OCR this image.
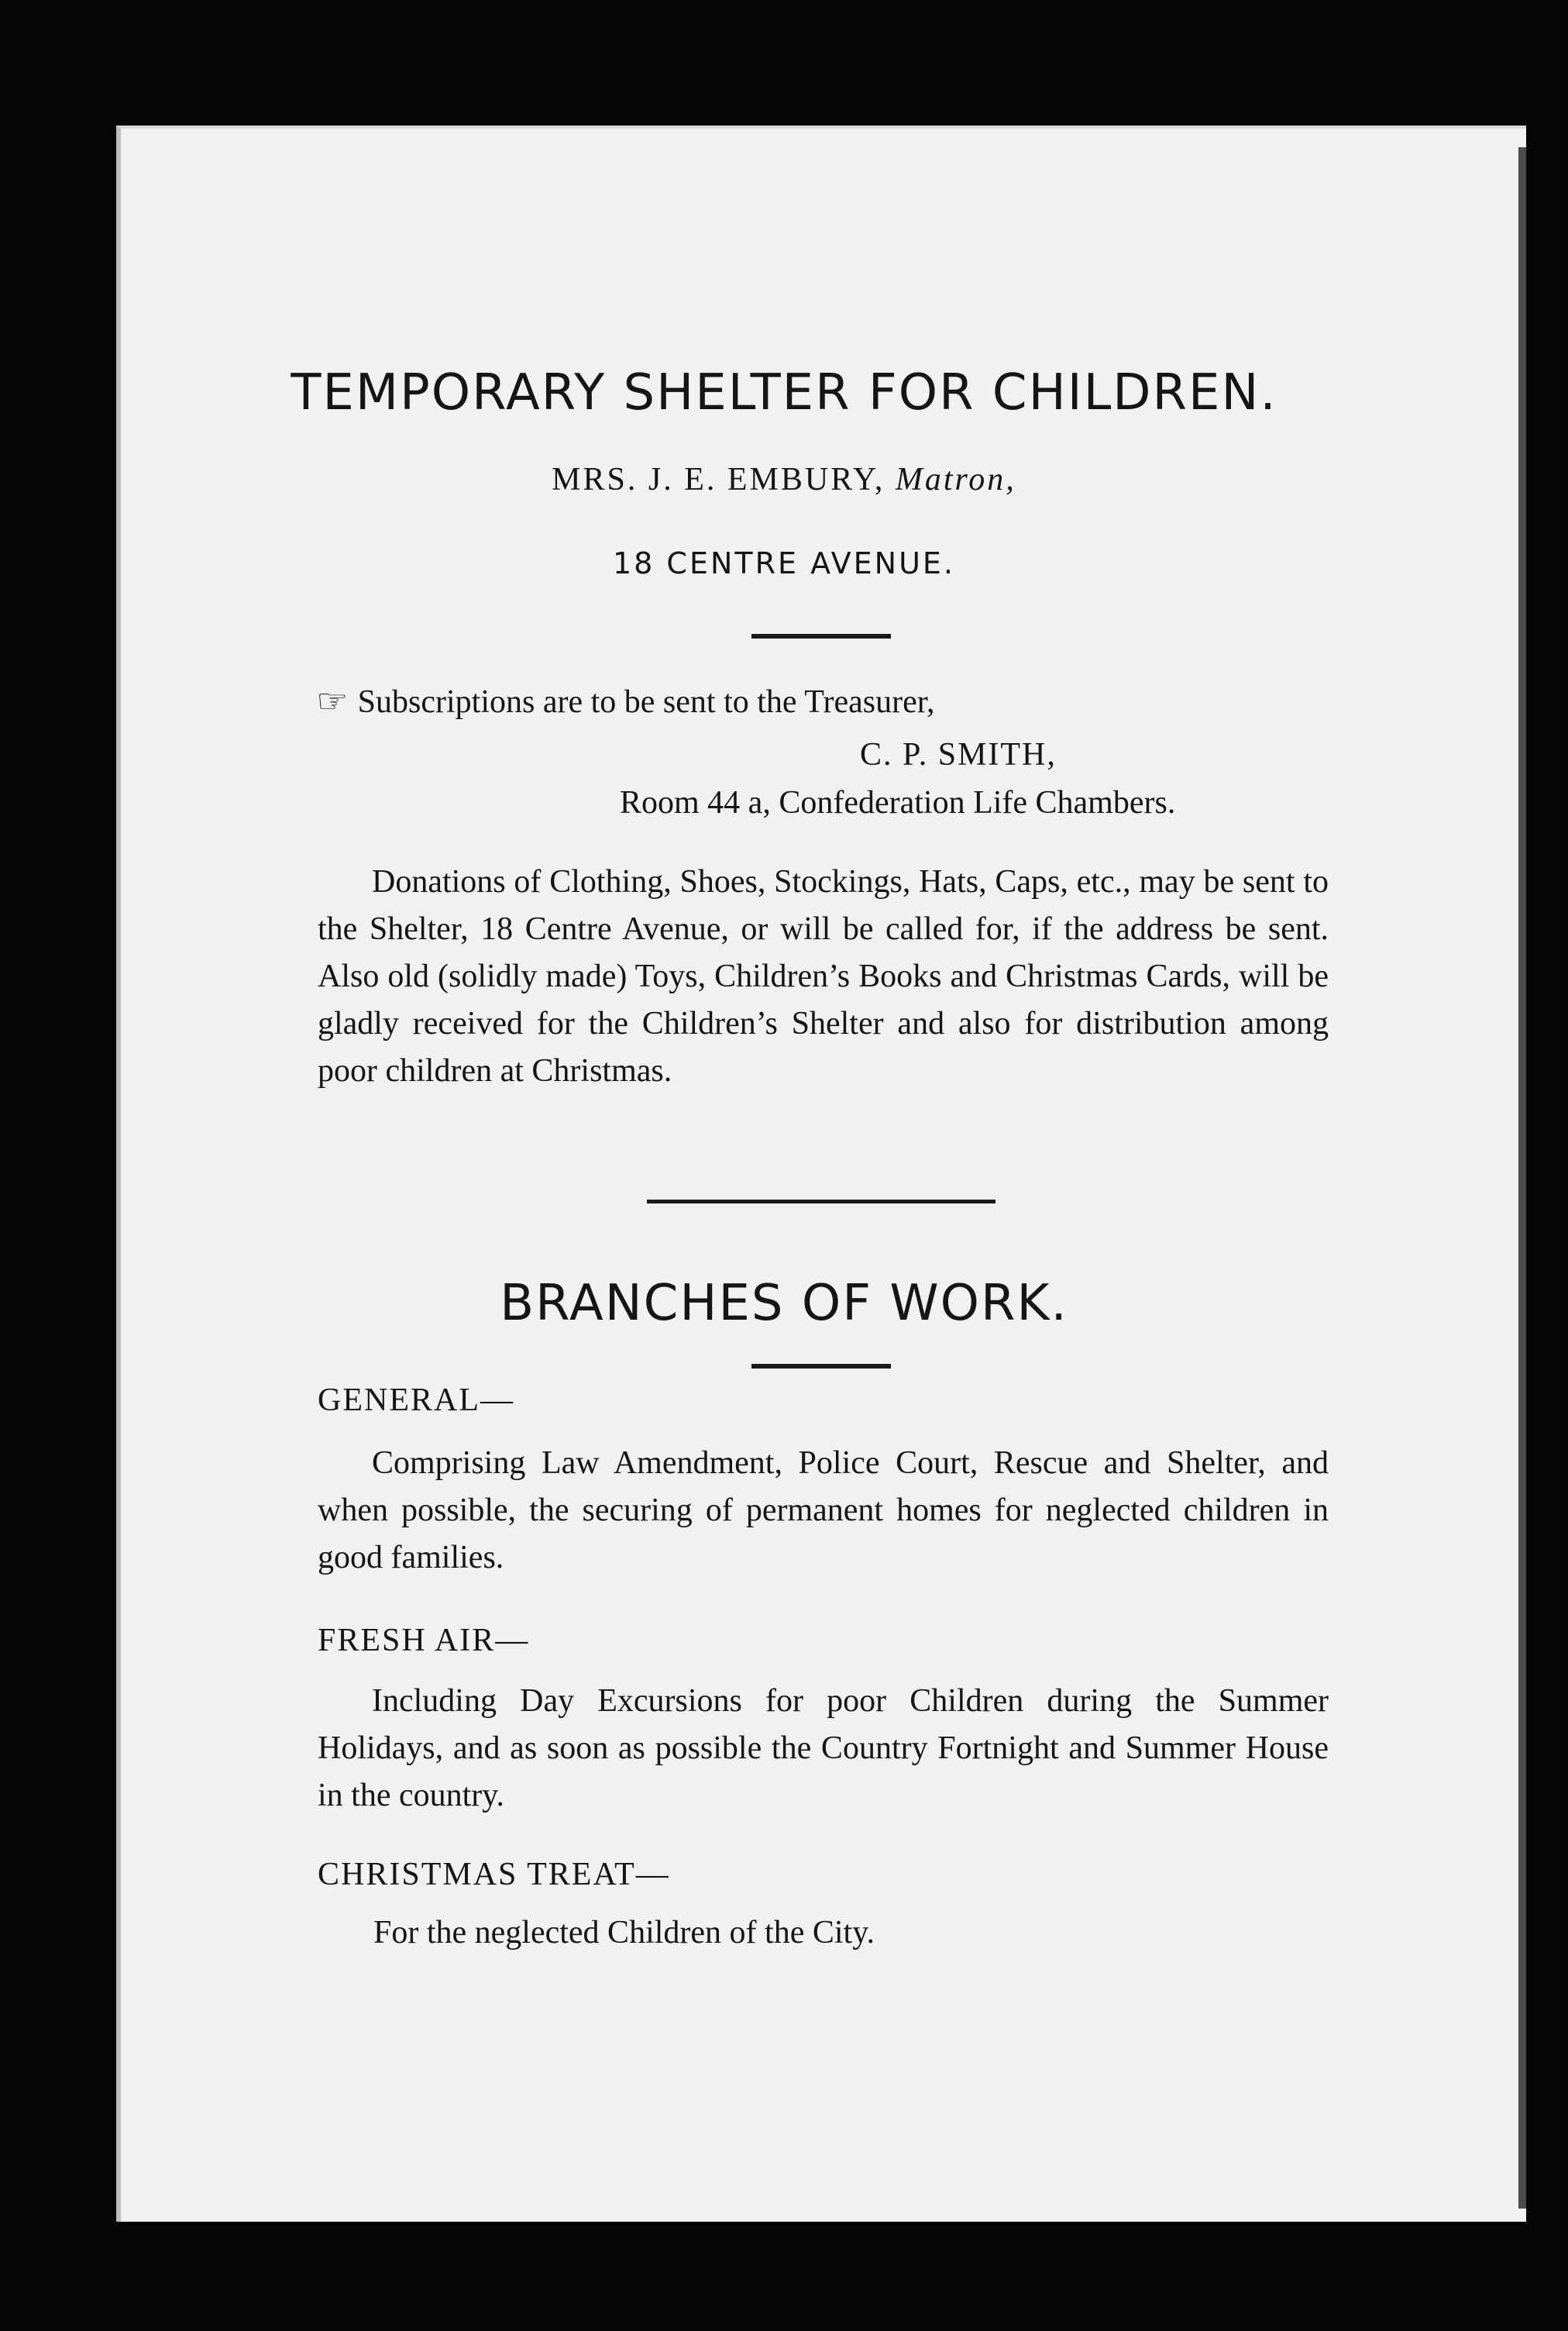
TEMPORARY SHELTER FOR CHILDREN.
MRS. J. E. EMBURY, Matron,
18 CENTRE AVENUE.
☞ Subscriptions are to be sent to the Treasurer,
C. P. SMITH,
Room 44 a, Confederation Life Chambers.
Donations of Clothing, Shoes, Stockings, Hats, Caps, etc., may be sent to the Shelter, 18 Centre Avenue, or will be called for, if the address be sent. Also old (solidly made) Toys, Children’s Books and Christmas Cards, will be gladly received for the Children’s Shelter and also for distribution among poor children at Christmas.
BRANCHES OF WORK.
GENERAL—
Comprising Law Amendment, Police Court, Rescue and Shelter, and when possible, the securing of permanent homes for neglected children in good families.
FRESH AIR—
Including Day Excursions for poor Children during the Summer Holidays, and as soon as possible the Country Fortnight and Summer House in the country.
CHRISTMAS TREAT—
For the neglected Children of the City.
